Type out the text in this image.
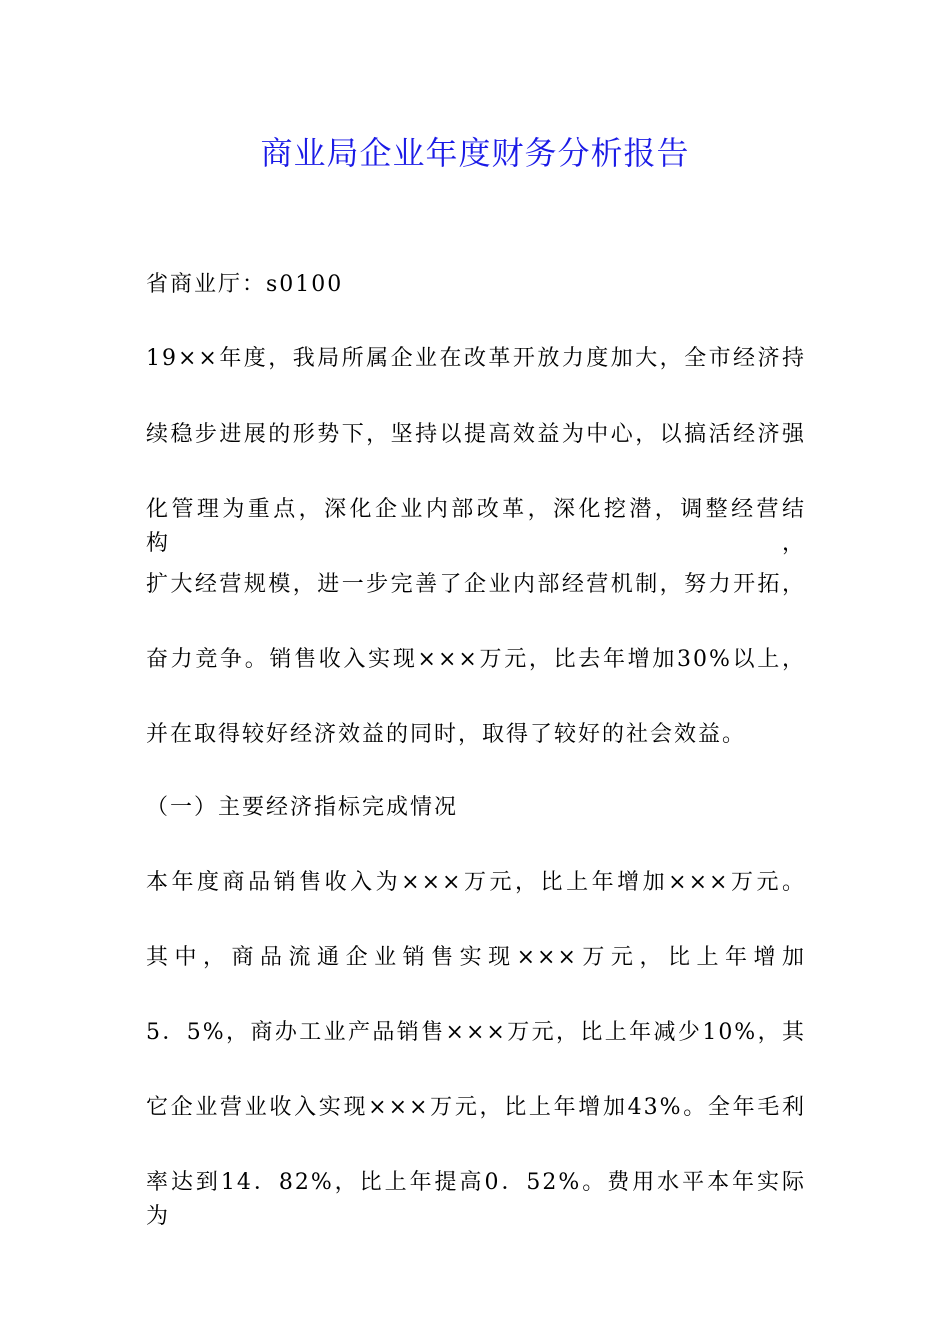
商业局企业年度财务分析报告

省商业厅：s0100

19××年度，我局所属企业在改革开放力度加大，全市经济持

续稳步进展的形势下，坚持以提高效益为中心，以搞活经济强

化管理为重点，深化企业内部改革，深化挖潜，调整经营结构，

扩大经营规模，进一步完善了企业内部经营机制，努力开拓，

奋力竞争。销售收入实现×××万元，比去年增加30%以上，

并在取得较好经济效益的同时，取得了较好的社会效益。

（一）主要经济指标完成情况

本年度商品销售收入为×××万元，比上年增加×××万元。

其中，商品流通企业销售实现×××万元，比上年增加

5．5%，商办工业产品销售×××万元，比上年减少10%，其

它企业营业收入实现×××万元，比上年增加43%。全年毛利

率达到14．82%，比上年提高0．52%。费用水平本年实际为
